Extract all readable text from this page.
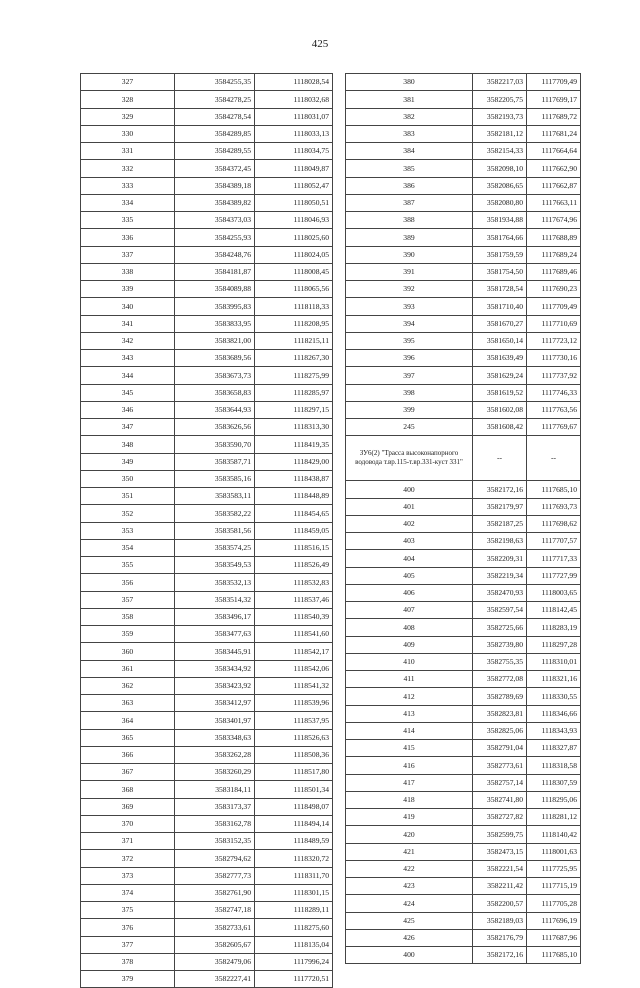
425
327	3584255,35	1118028,54
328	3584278,25	1118032,68
329	3584278,54	1118031,07
330	3584289,85	1118033,13
331	3584289,55	1118034,75
332	3584372,45	1118049,87
333	3584389,18	1118052,47
334	3584389,82	1118050,51
335	3584373,03	1118046,93
336	3584255,93	1118025,60
337	3584248,76	1118024,05
338	3584181,87	1118008,45
339	3584089,88	1118065,56
340	3583995,83	1118118,33
341	3583833,95	1118208,95
342	3583821,00	1118215,11
343	3583689,56	1118267,30
344	3583673,73	1118275,99
345	3583658,83	1118285,97
346	3583644,93	1118297,15
347	3583626,56	1118313,30
348	3583590,70	1118419,35
349	3583587,71	1118429,00
350	3583585,16	1118438,87
351	3583583,11	1118448,89
352	3583582,22	1118454,65
353	3583581,56	1118459,05
354	3583574,25	1118516,15
355	3583549,53	1118526,49
356	3583532,13	1118532,83
357	3583514,32	1118537,46
358	3583496,17	1118540,39
359	3583477,63	1118541,60
360	3583445,91	1118542,17
361	3583434,92	1118542,06
362	3583423,92	1118541,32
363	3583412,97	1118539,96
364	3583401,97	1118537,95
365	3583348,63	1118526,63
366	3583262,28	1118508,36
367	3583260,29	1118517,80
368	3583184,11	1118501,34
369	3583173,37	1118498,07
370	3583162,78	1118494,14
371	3583152,35	1118489,59
372	3582794,62	1118320,72
373	3582777,73	1118311,70
374	3582761,90	1118301,15
375	3582747,18	1118289,11
376	3582733,61	1118275,60
377	3582605,67	1118135,04
378	3582479,06	1117996,24
379	3582227,41	1117720,51
380	3582217,03	1117709,49
381	3582205,75	1117699,17
382	3582193,73	1117689,72
383	3582181,12	1117681,24
384	3582154,33	1117664,64
385	3582098,10	1117662,90
386	3582086,65	1117662,87
387	3582080,80	1117663,11
388	3581934,88	1117674,96
389	3581764,66	1117688,89
390	3581759,59	1117689,24
391	3581754,50	1117689,46
392	3581728,54	1117690,23
393	3581710,40	1117709,49
394	3581670,27	1117710,69
395	3581650,14	1117723,12
396	3581639,49	1117730,16
397	3581629,24	1117737,92
398	3581619,52	1117746,33
399	3581602,08	1117763,56
245	3581608,42	1117769,67
ЗУ6(2) "Трасса высоконапорного водовода т.вр.115-т.вр.331-куст 331"	--	--
400	3582172,16	1117685,10
401	3582179,97	1117693,73
402	3582187,25	1117698,62
403	3582198,63	1117707,57
404	3582209,31	1117717,33
405	3582219,34	1117727,99
406	3582470,93	1118003,65
407	3582597,54	1118142,45
408	3582725,66	1118283,19
409	3582739,80	1118297,28
410	3582755,35	1118310,01
411	3582772,08	1118321,16
412	3582789,69	1118330,55
413	3582823,81	1118346,66
414	3582825,06	1118343,93
415	3582791,04	1118327,87
416	3582773,61	1118318,58
417	3582757,14	1118307,59
418	3582741,80	1118295,06
419	3582727,82	1118281,12
420	3582599,75	1118140,42
421	3582473,15	1118001,63
422	3582221,54	1117725,95
423	3582211,42	1117715,19
424	3582200,57	1117705,28
425	3582189,03	1117696,19
426	3582176,79	1117687,96
400	3582172,16	1117685,10
